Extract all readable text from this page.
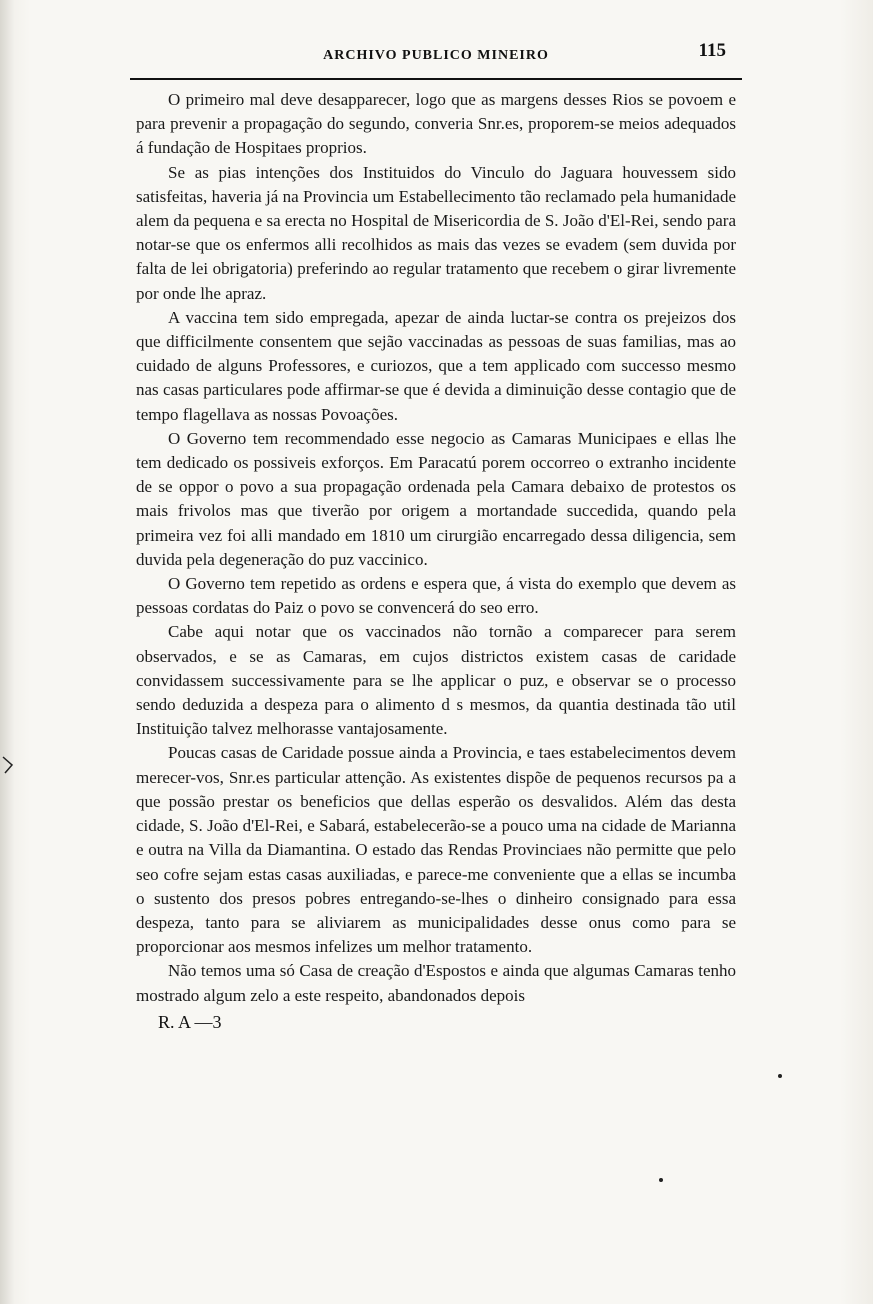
ARCHIVO PUBLICO MINEIRO	115

O primeiro mal deve desapparecer, logo que as margens desses Rios se povoem e para prevenir a propagação do segundo, converia Snr.es, proporem-se meios adequados á fundação de Hospitaes proprios.

Se as pias intenções dos Instituidos do Vinculo do Jaguara houvessem sido satisfeitas, haveria já na Provincia um Estabellecimento tão reclamado pela humanidade alem da pequena e sa erecta no Hospital de Misericordia de S. João d'El-Rei, sendo para notar-se que os enfermos alli recolhidos as mais das vezes se evadem (sem duvida por falta de lei obrigatoria) preferindo ao regular tratamento que recebem o girar livremente por onde lhe apraz.

A vaccina tem sido empregada, apezar de ainda luctar-se contra os prejeizos dos que difficilmente consentem que sejão vaccinadas as pessoas de suas familias, mas ao cuidado de alguns Professores, e curiozos, que a tem applicado com successo mesmo nas casas particulares pode affirmar-se que é devida a diminuição desse contagio que de tempo flagellava as nossas Povoações.

O Governo tem recommendado esse negocio as Camaras Municipaes e ellas lhe tem dedicado os possiveis exforços. Em Paracatú porem occorreo o extranho incidente de se oppor o povo a sua propagação ordenada pela Camara debaixo de protestos os mais frivolos mas que tiverão por origem a mortandade succedida, quando pela primeira vez foi alli mandado em 1810 um cirurgião encarregado dessa diligencia, sem duvida pela degeneração do puz vaccinico.

O Governo tem repetido as ordens e espera que, á vista do exemplo que devem as pessoas cordatas do Paiz o povo se convencerá do seo erro.

Cabe aqui notar que os vaccinados não tornão a comparecer para serem observados, e se as Camaras, em cujos districtos existem casas de caridade convidassem successivamente para se lhe applicar o puz, e observar se o processo sendo deduzida a despeza para o alimento d s mesmos, da quantia destinada tão util Instituição talvez melhorasse vantajosamente.

Poucas casas de Caridade possue ainda a Provincia, e taes estabelecimentos devem merecer-vos, Snr.es particular attenção. As existentes dispõe de pequenos recursos pa a que possão prestar os beneficios que dellas esperão os desvalidos. Além das desta cidade, S. João d'El-Rei, e Sabará, estabelecerão-se a pouco uma na cidade de Marianna e outra na Villa da Diamantina. O estado das Rendas Provinciaes não permitte que pelo seo cofre sejam estas casas auxiliadas, e parece-me conveniente que a ellas se incumba o sustento dos presos pobres entregando-se-lhes o dinheiro consignado para essa despeza, tanto para se aliviarem as municipalidades desse onus como para se proporcionar aos mesmos infelizes um melhor tratamento.

Não temos uma só Casa de creação d'Espostos e ainda que algumas Camaras tenho mostrado algum zelo a este respeito, abandonados depois

R. A —3
